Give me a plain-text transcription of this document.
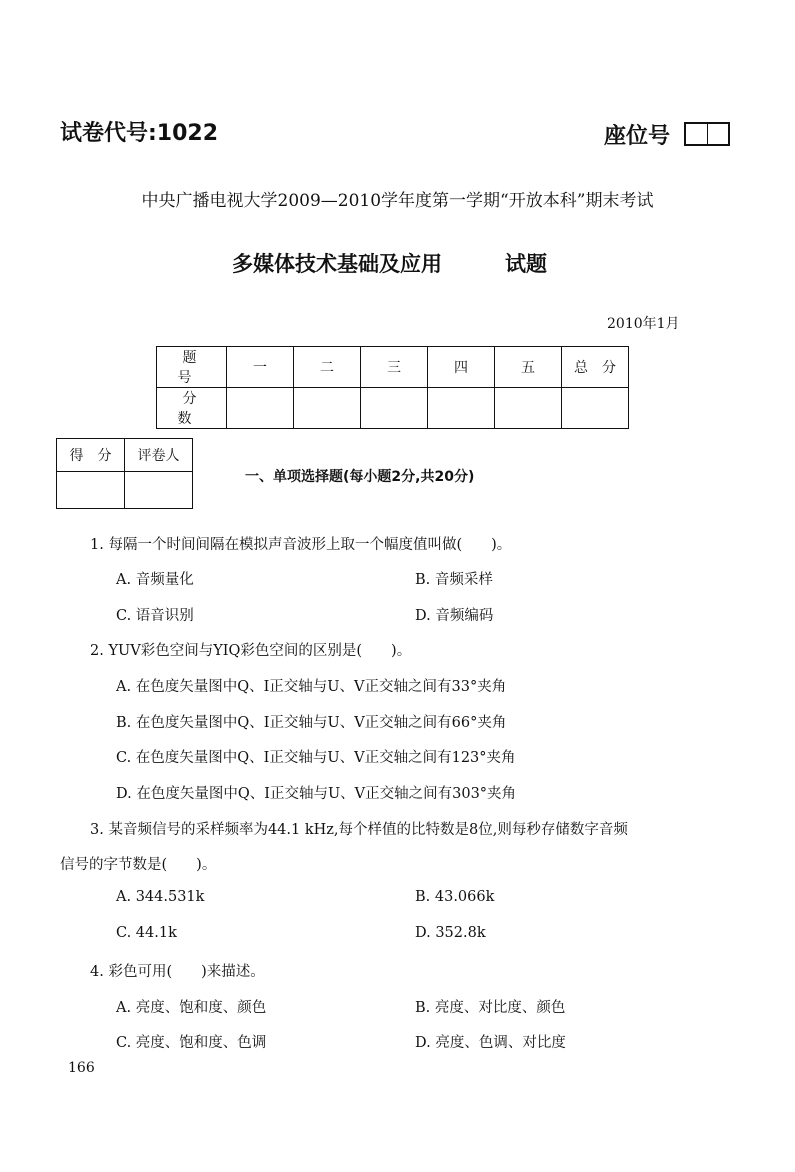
试卷代号:1022	座位号
中央广播电视大学2009—2010学年度第一学期“开放本科”期末考试
多媒体技术基础及应用	试题
2010年1月
题　号	一	二	三	四	五	总　分
分　数						
得　分	评卷人

一、单项选择题(每小题2分,共20分)
1. 每隔一个时间间隔在模拟声音波形上取一个幅度值叫做(　　)。
A. 音频量化	B. 音频采样
C. 语音识别	D. 音频编码
2. YUV彩色空间与YIQ彩色空间的区别是(　　)。
A. 在色度矢量图中Q、I正交轴与U、V正交轴之间有33°夹角
B. 在色度矢量图中Q、I正交轴与U、V正交轴之间有66°夹角
C. 在色度矢量图中Q、I正交轴与U、V正交轴之间有123°夹角
D. 在色度矢量图中Q、I正交轴与U、V正交轴之间有303°夹角
3. 某音频信号的采样频率为44.1 kHz,每个样值的比特数是8位,则每秒存储数字音频
信号的字节数是(　　)。
A. 344.531k	B. 43.066k
C. 44.1k	D. 352.8k
4. 彩色可用(　　)来描述。
A. 亮度、饱和度、颜色	B. 亮度、对比度、颜色
C. 亮度、饱和度、色调	D. 亮度、色调、对比度
166
